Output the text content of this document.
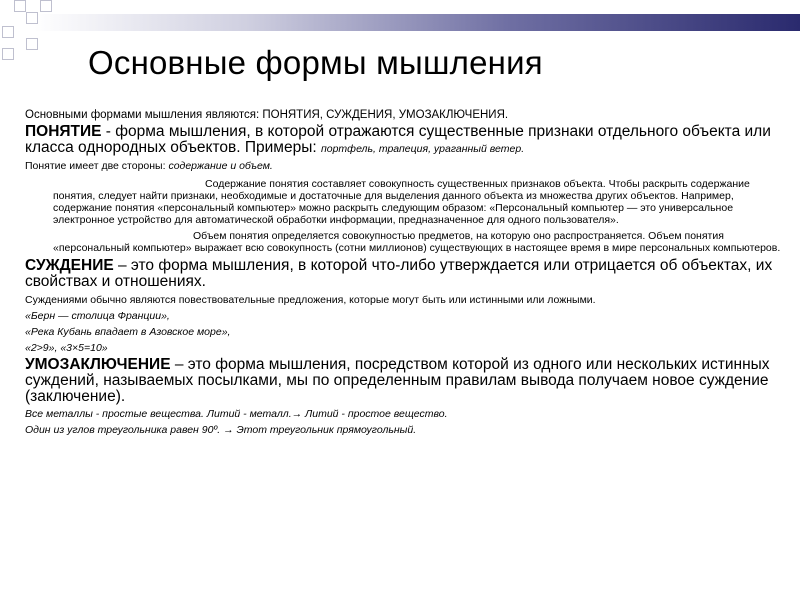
Основные формы мышления

Основными формами мышления являются: ПОНЯТИЯ, СУЖДЕНИЯ, УМОЗАКЛЮЧЕНИЯ.

ПОНЯТИЕ - форма мышления, в которой отражаются существенные признаки отдельного объекта или класса однородных объектов. Примеры: портфель, трапеция, ураганный ветер.

Понятие имеет две стороны: содержание и объем.

Содержание понятия составляет совокупность существенных признаков объекта. Чтобы раскрыть содержание понятия, следует найти признаки, необходимые и достаточные для выделения данного объекта из множества других объектов. Например, содержание понятия «персональный компьютер» можно раскрыть следующим образом: «Персональный компьютер — это универсальное электронное устройство для автоматической обработки информации, предназначенное для одного пользователя».

Объем понятия определяется совокупностью предметов, на которую оно распространяется. Объем понятия «персональный компьютер» выражает всю совокупность (сотни миллионов) существующих в настоящее время в мире персональных компьютеров.

СУЖДЕНИЕ – это форма мышления, в которой что-либо утверждается или отрицается об объектах, их свойствах и отношениях.

Суждениями обычно являются повествовательные предложения, которые могут быть или истинными или ложными.

«Берн — столица Франции»,

«Река Кубань впадает в Азовское море»,

«2>9», «3×5=10»

УМОЗАКЛЮЧЕНИЕ – это форма мышления, посредством которой из одного или нескольких истинных суждений, называемых посылками, мы по определенным правилам вывода получаем новое суждение (заключение).

Все металлы - простые вещества. Литий - металл.→ Литий - простое вещество.

Один из углов треугольника равен 90º. → Этот треугольник прямоугольный.
